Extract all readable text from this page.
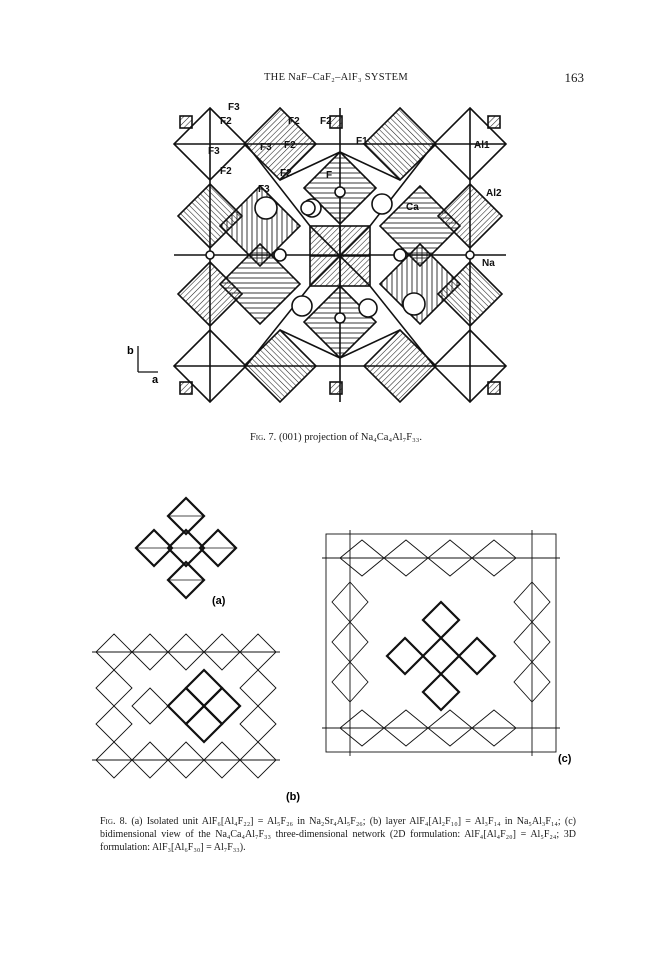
THE NaF–CaF₂–AlF₃ SYSTEM	163
F3
F2	F2 F2
F3	F3 F2	F1
F2	F2	F
F3
Al1
Al2
Ca
Na
b
a
Fig. 7. (001) projection of Na₄Ca₄Al₇F₃₃.
(a)
(b)
(c)
Fig. 8. (a) Isolated unit AlF₆[Al₄F₂₂] = Al₅F₂₆ in Na₂Sr₄Al₅F₂₆; (b) layer AlF₄[Al₂F₁₀] = Al₃F₁₄ in Na₅Al₃F₁₄; (c) bidimensional view of the Na₄Ca₄Al₇F₃₃ three-dimensional network (2D formulation: AlF₄[Al₄F₂₀] = Al₅F₂₄; 3D formulation: AlF₃[Al₆F₃₀] = Al₇F₃₃).
